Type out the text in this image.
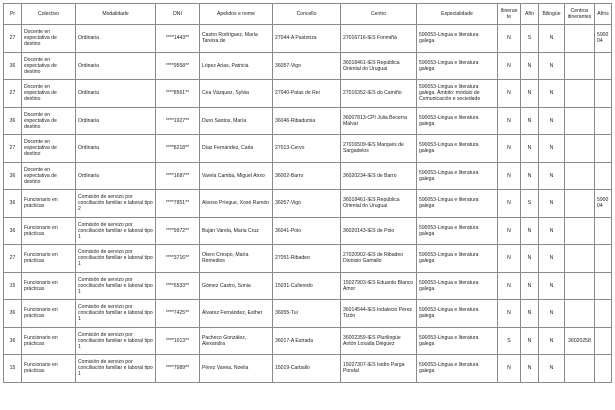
Pr	Colectivo	Modalidade	DNI	Apelidos e nome	Concello	Centro	Especialidade	Itinerante	Afín	Bilingüe	Centros itinerantes	Afíns
27	Docente en expectativa de destino	Ordinaria	****1443**	Castro Rodríguez, María Tareixa de	27044-A Pastoriza	27016716-IES Fonmiñá	590053-Lingua e literatura galega	N	S	N		590004
36	Docente en expectativa de destino	Ordinaria	****9558**	López Arias, Patricia	36057-Vigo	36018461-IES República Oriental do Uruguai	590053-Lingua e literatura galega	N	N	N		
27	Docente en expectativa de destino	Ordinaria	****8561**	Cea Vázquez, Sylvia	27040-Palas de Rei	27016352-IES do Camiño	590053-Lingua e literatura galega. Ámbito: módulo de Comunicación e sociedade	N	N	N		
36	Docente en expectativa de destino	Ordinaria	****1927**	Duro Santos, María	36046-Ribadumia	36007813-CPI Julia Becerra Malvar	590053-Lingua e literatura galega	N	N	N		
27	Docente en expectativa de destino	Ordinaria	****8218**	Díaz Fernández, Carla	27013-Cervo	27016509-IES Marqués de Sargadelos	590053-Lingua e literatura galega	N	N	N		
36	Docente en expectativa de destino	Ordinaria	****1687**	Varela Camba, Miguel Anxo	36002-Barro	36020234-IES de Barro	590053-Lingua e literatura galega	N	N	N		
36	Funcionario en prácticas	Comisión de servizo por conciliación familiar e laboral tipo 2	****7851**	Alonso Príegue, Xosé Ramón	36057-Vigo	36018461-IES República Oriental do Uruguai	590053-Lingua e literatura galega	N	S	N		590004
36	Funcionario en prácticas	Comisión de servizo por conciliación familiar e laboral tipo 1	****9972**	Buján Varela, María Cruz	36041-Poio	36020143-IES de Poio	590053-Lingua e literatura galega	N	N	N		
27	Funcionario en prácticas	Comisión de servizo por conciliación familiar e laboral tipo 1	****3716**	Otero Crespo, María Remedios	27051-Ribadeo	27020902-IES de Ribadeo Dionisio Gamallo	590053-Lingua e literatura galega	N	N	N		
15	Funcionario en prácticas	Comisión de servizo por conciliación familiar e laboral tipo 1	****6533**	Gómez Castro, Sonia	15031-Culleredo	15027903-IES Eduardo Blanco Amor	590053-Lingua e literatura galega	N	N	N		
36	Funcionario en prácticas	Comisión de servizo por conciliación familiar e laboral tipo 1	****7425**	Álvarez Fernández, Esther	36055-Tui	36014544-IES Indalecio Pérez Tizón	590053-Lingua e literatura galega	N	N	N		
36	Funcionario en prácticas	Comisión de servizo por conciliación familiar e laboral tipo 1	****1013**	Pacheco González, Alexandra	36017-A Estrada	36002359-IES Plurilingüe Antón Losada Diéguez	590053-Lingua e literatura galega	S	N	N	36020258	
15	Funcionario en prácticas	Comisión de servizo por conciliación familiar e laboral tipo 1	****7989**	Pérez Vareia, Noelia	15019-Carballo	15027307-IES Isidro Parga Pondal	590053-Lingua e literatura galega	N	N	N		
